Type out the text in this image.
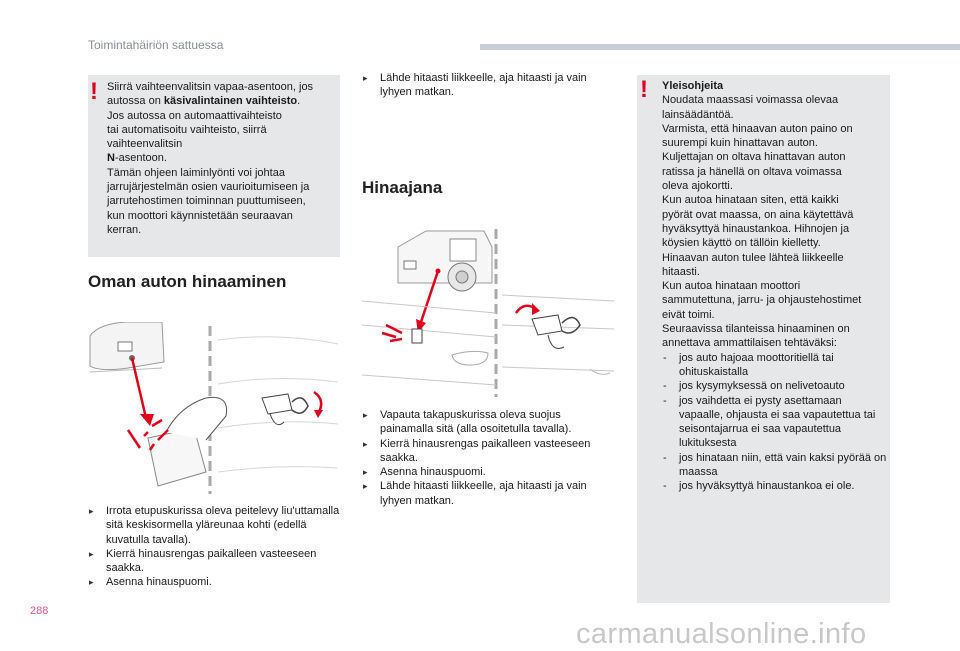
Toimintahäiriön sattuessa
! Siirrä vaihteenvalitsin vapaa-asentoon, jos

autossa on käsivalintainen vaihteisto.

Jos autossa on automaattivaihteisto

tai automatisoitu vaihteisto, siirrä

vaihteenvalitsin

N-asentoon.

Tämän ohjeen laiminlyönti voi johtaa

jarrujärjestelmän osien vaurioitumiseen ja

jarrutehostimen toiminnan puuttumiseen,

kun moottori käynnistetään seuraavan

kerran.

Oman auton hinaaminen
▸ Irrota etupuskurissa oleva peitelevy liu'uttamalla sitä keskisormella yläreunaa kohti (edellä kuvatulla tavalla).
▸ Kierrä hinausrengas paikalleen vasteeseen saakka.
▸ Asenna hinauspuomi.
▸ Lähde hitaasti liikkeelle, aja hitaasti ja vain lyhyen matkan.
Hinaajana
▸ Vapauta takapuskurissa oleva suojus painamalla sitä (alla osoitetulla tavalla).
▸ Kierrä hinausrengas paikalleen vasteeseen saakka.
▸ Asenna hinauspuomi.
▸ Lähde hitaasti liikkeelle, aja hitaasti ja vain lyhyen matkan.
! Yleisohjeita

Noudata maassasi voimassa olevaa

lainsäädäntöä.

Varmista, että hinaavan auton paino on

suurempi kuin hinattavan auton.

Kuljettajan on oltava hinattavan auton

ratissa ja hänellä on oltava voimassa

oleva ajokortti.

Kun autoa hinataan siten, että kaikki

pyörät ovat maassa, on aina käytettävä

hyväksyttyä hinaustankoa. Hihnojen ja

köysien käyttö on tällöin kielletty.

Hinaavan auton tulee lähteä liikkeelle

hitaasti.

Kun autoa hinataan moottori

sammutettuna, jarru- ja ohjaustehostimet

eivät toimi.

Seuraavissa tilanteissa hinaaminen on

annettava ammattilaisen tehtäväksi:

- jos auto hajoaa moottoritiellä tai ohituskaistalla
- jos kysymyksessä on nelivetoauto
- jos vaihdetta ei pysty asettamaan vapaalle, ohjausta ei saa vapautettua tai seisontajarrua ei saa vapautettua lukituksesta
- jos hinataan niin, että vain kaksi pyörää on maassa
- jos hyväksyttyä hinaustankoa ei ole.
288
carmanualsonline.info
